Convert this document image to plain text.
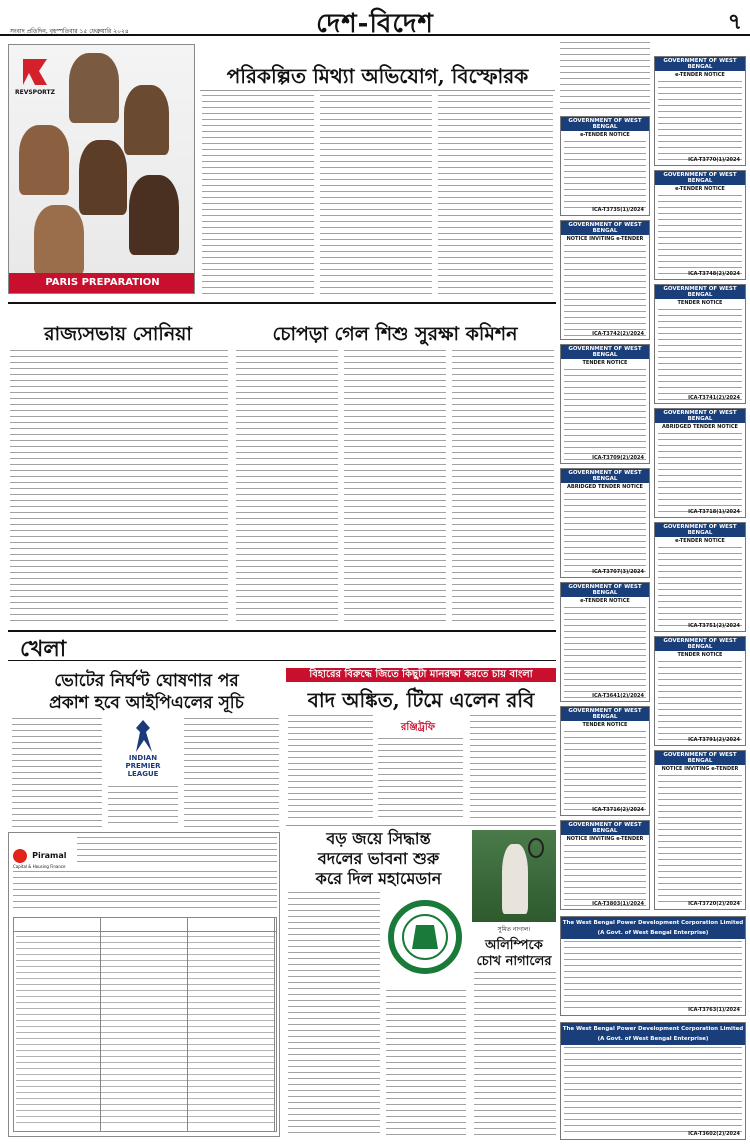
দেশ-বিদেশ	৭
সংবাদ প্রতিদিন, বৃহস্পতিবার ১৫ ফেব্রুয়ারি ২০২৪
REVSPORTZ
PARIS PREPARATION
পরিকল্পিত মিথ্যা অভিযোগ, বিস্ফোরক
রাজ্যসভায় সোনিয়া	চোপড়া গেল শিশু সুরক্ষা কমিশন
খেলা
ভোটের নির্ঘণ্ট ঘোষণার পর
প্রকাশ হবে আইপিএলের সূচি
INDIAN
PREMIER
LEAGUE
Piramal
Capital & Housing Finance
বিহারের বিরুদ্ধে জিতে কিছুটা মানরক্ষা করতে চায় বাংলা
বাদ অঙ্কিত, টিমে এলেন রবি
রঞ্জিট্রফি
বড় জয়ে সিদ্ধান্ত
বদলের ভাবনা শুরু
করে দিল মহামেডান
সুমিত নাগাল।
অলিম্পিকে
চোখ নাগালের
GOVERNMENT OF WEST BENGAL
e-TENDER NOTICE
ICA-T3735(1)/2024
GOVERNMENT OF WEST BENGAL
NOTICE INVITING e-TENDER
ICA-T3742(2)/2024
GOVERNMENT OF WEST BENGAL
TENDER NOTICE
ICA-T3709(2)/2024
GOVERNMENT OF WEST BENGAL
ABRIDGED TENDER NOTICE
ICA-T3707(3)/2024
GOVERNMENT OF WEST BENGAL
e-TENDER NOTICE
ICA-T3641(2)/2024
GOVERNMENT OF WEST BENGAL
TENDER NOTICE
ICA-T3716(2)/2024
GOVERNMENT OF WEST BENGAL
NOTICE INVITING e-TENDER
ICA-T3803(1)/2024
GOVERNMENT OF WEST BENGAL
e-TENDER NOTICE
ICA-T3770(1)/2024
GOVERNMENT OF WEST BENGAL
e-TENDER NOTICE
ICA-T3748(2)/2024
GOVERNMENT OF WEST BENGAL
TENDER NOTICE
ICA-T3741(2)/2024
GOVERNMENT OF WEST BENGAL
ABRIDGED TENDER NOTICE
ICA-T3718(1)/2024
GOVERNMENT OF WEST BENGAL
e-TENDER NOTICE
ICA-T3751(2)/2024
GOVERNMENT OF WEST BENGAL
TENDER NOTICE
ICA-T3791(2)/2024
GOVERNMENT OF WEST BENGAL
NOTICE INVITING e-TENDER
ICA-T3720(2)/2024
The West Bengal Power Development Corporation Limited
(A Govt. of West Bengal Enterprise)
ICA-T3763(1)/2024
The West Bengal Power Development Corporation Limited
(A Govt. of West Bengal Enterprise)
ICA-T3602(2)/2024
